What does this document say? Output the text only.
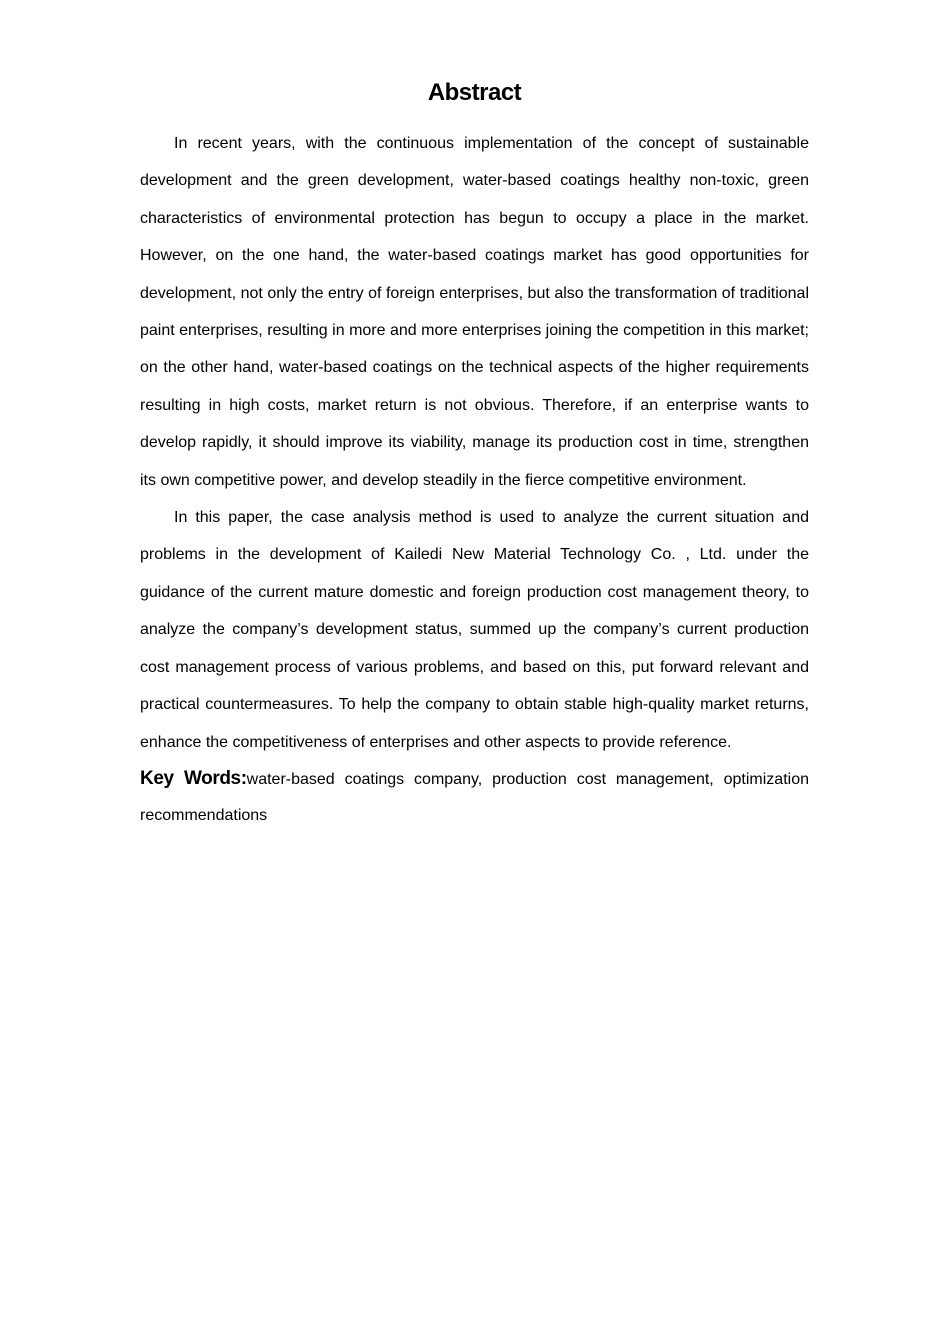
Abstract

In recent years, with the continuous implementation of the concept of sustainable development and the green development, water-based coatings healthy non-toxic, green characteristics of environmental protection has begun to occupy a place in the market. However, on the one hand, the water-based coatings market has good opportunities for development, not only the entry of foreign enterprises, but also the transformation of traditional paint enterprises, resulting in more and more enterprises joining the competition in this market; on the other hand, water-based coatings on the technical aspects of the higher requirements resulting in high costs, market return is not obvious. Therefore, if an enterprise wants to develop rapidly, it should improve its viability, manage its production cost in time, strengthen its own competitive power, and develop steadily in the fierce competitive environment.

In this paper, the case analysis method is used to analyze the current situation and problems in the development of Kailedi New Material Technology Co. , Ltd. under the guidance of the current mature domestic and foreign production cost management theory, to analyze the company’s development status, summed up the company’s current production cost management process of various problems, and based on this, put forward relevant and practical countermeasures. To help the company to obtain stable high-quality market returns, enhance the competitiveness of enterprises and other aspects to provide reference.

Key Words:water-based coatings company, production cost management, optimization recommendations
